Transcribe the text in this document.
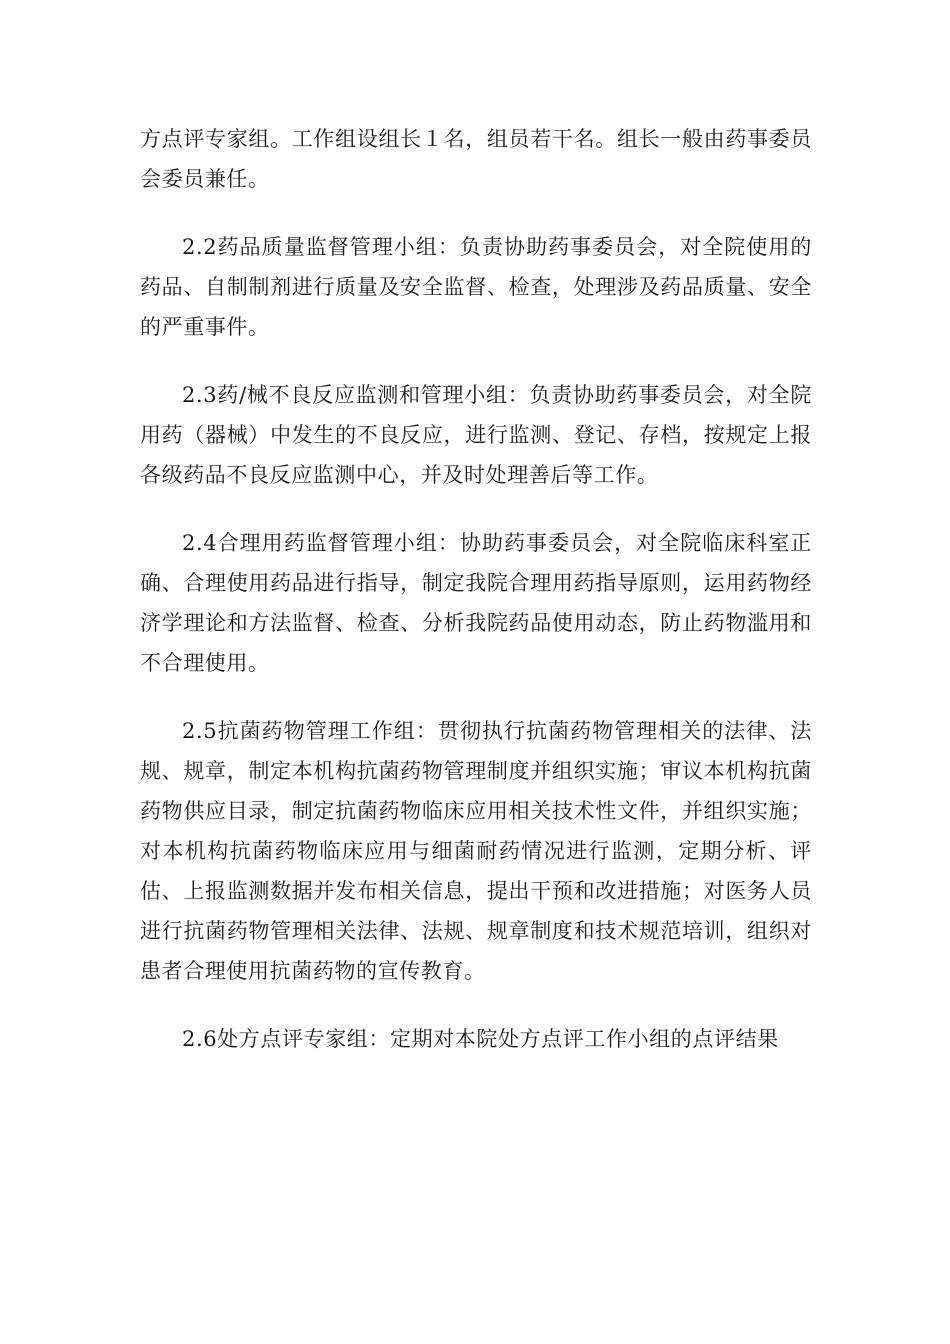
方点评专家组。工作组设组长１名，组员若干名。组长一般由药事委员会委员兼任。

2.2药品质量监督管理小组：负责协助药事委员会，对全院使用的药品、自制制剂进行质量及安全监督、检查，处理涉及药品质量、安全的严重事件。

2.3药/械不良反应监测和管理小组：负责协助药事委员会，对全院用药（器械）中发生的不良反应，进行监测、登记、存档，按规定上报各级药品不良反应监测中心，并及时处理善后等工作。

2.4合理用药监督管理小组：协助药事委员会，对全院临床科室正确、合理使用药品进行指导，制定我院合理用药指导原则，运用药物经济学理论和方法监督、检查、分析我院药品使用动态，防止药物滥用和不合理使用。

2.5抗菌药物管理工作组：贯彻执行抗菌药物管理相关的法律、法规、规章，制定本机构抗菌药物管理制度并组织实施；审议本机构抗菌药物供应目录，制定抗菌药物临床应用相关技术性文件，并组织实施；对本机构抗菌药物临床应用与细菌耐药情况进行监测，定期分析、评估、上报监测数据并发布相关信息，提出干预和改进措施；对医务人员进行抗菌药物管理相关法律、法规、规章制度和技术规范培训，组织对患者合理使用抗菌药物的宣传教育。

2.6处方点评专家组：定期对本院处方点评工作小组的点评结果
